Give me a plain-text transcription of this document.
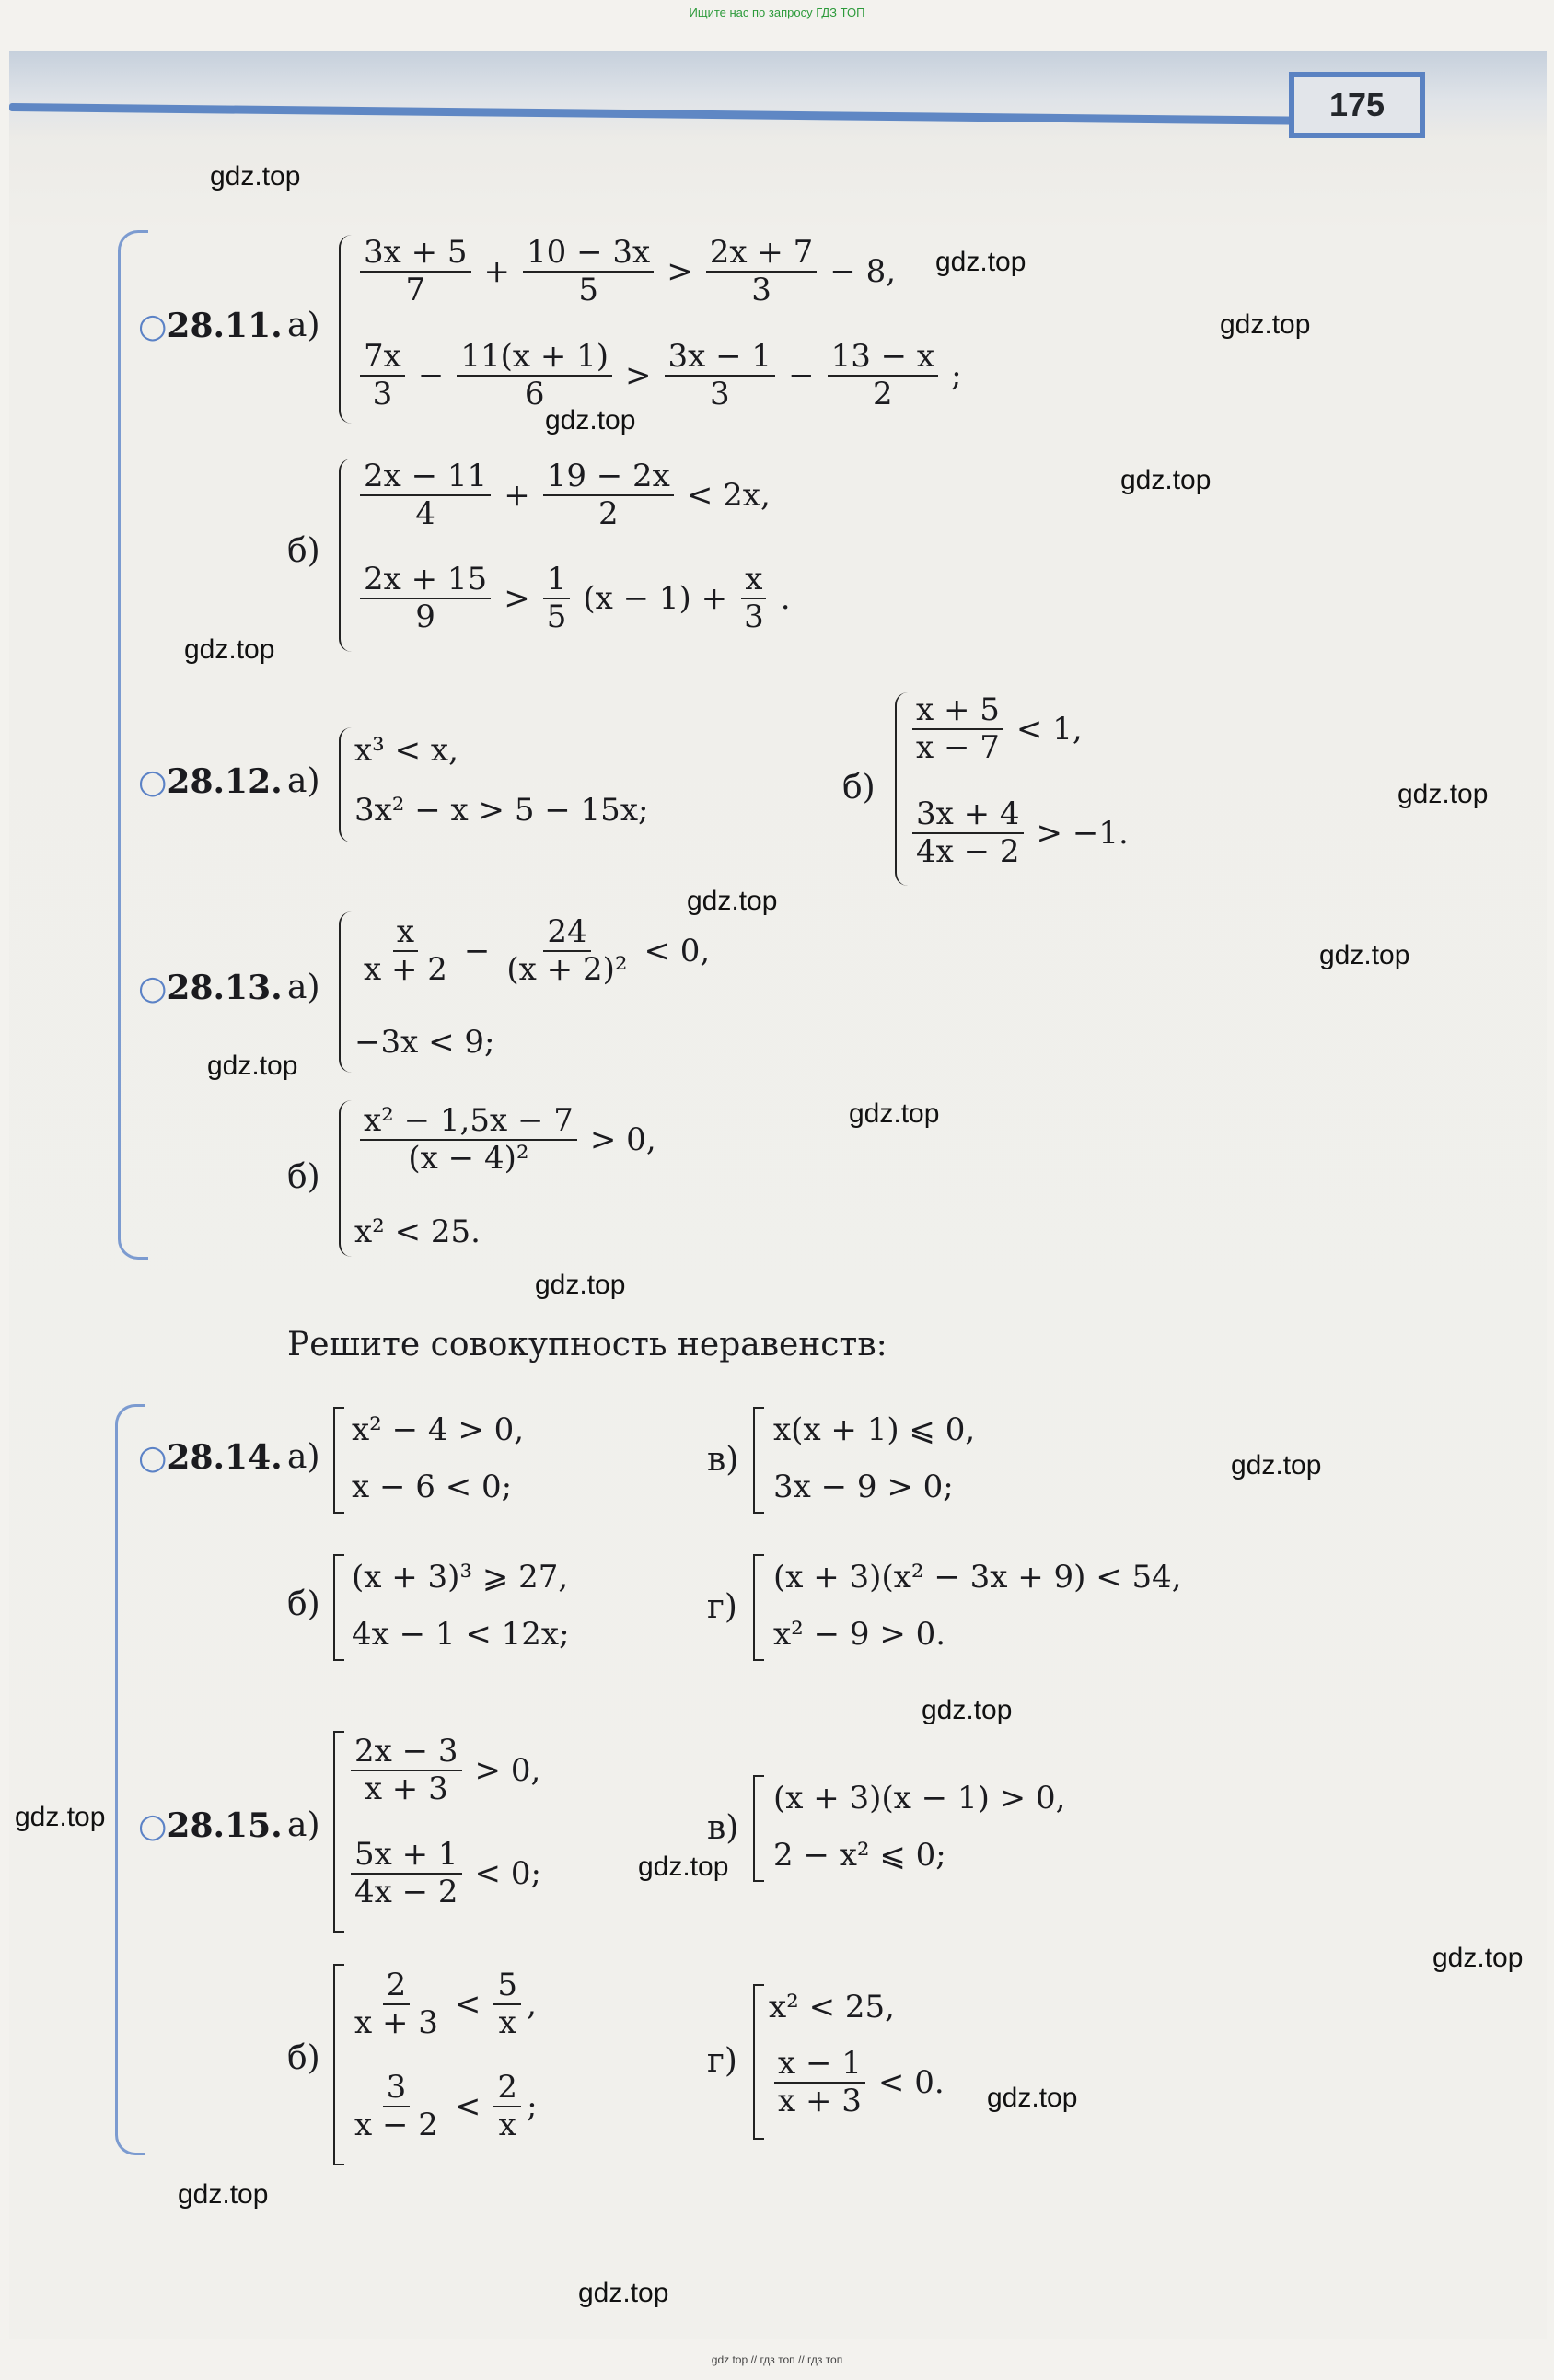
Ищите нас по запросу ГДЗ ТОП
175
gdz.top
gdz.top
gdz.top
gdz.top
gdz.top
gdz.top
gdz.top
gdz.top
gdz.top
gdz.top
gdz.top
gdz.top
gdz.top
gdz.top
gdz.top
gdz.top
gdz.top
gdz.top
gdz.top
gdz.top
○28.11. а)
$\frac{3x + 5}{7} + \frac{10 - 3x}{5} > \frac{2x + 7}{3} - 8$,
$\frac{7x}{3} - \frac{11(x + 1)}{6} > \frac{3x - 1}{3} - \frac{13 - x}{2}$ ;
б)
$\frac{2x - 11}{4} + \frac{19 - 2x}{2} < 2x$,
$\frac{2x + 15}{9} > \frac{1}{5} (x - 1) + \frac{x}{3}$ .
○28.12. а)
x³ < x,
3x² − x > 5 − 15x;
б)
$\frac{x + 5}{x - 7} < 1$,
$\frac{3x + 4}{4x - 2} > -1$.
○28.13. $а) \frac{x}{x + 2} - \frac{24}{\text{(x + 2)²}} < 0$,
−3x < 9;
б)
$\frac{\text{x² − 1,5x − 7}}{\text{(x − 4)²}} > 0$,
x² < 25.
Решите совокупность неравенств:
○28.14. а)
x² − 4 > 0,
x − 6 < 0;
в)
x(x + 1) ⩽ 0,
3x − 9 > 0;
б)
(x + 3)³ ⩾ 27,
4x − 1 < 12x;
г)
(x + 3)(x² − 3x + 9) < 54,
x² − 9 > 0.
○28.15. а)
$\frac{2x - 3}{x + 3} > 0$,
$\frac{5x + 1}{4x - 2} < 0$;
в)
(x + 3)(x − 1) > 0,
2 − x² ⩽ 0;
б)
$\frac{2}{x + 3} < \frac{5}{x}$ ,
$\frac{3}{x - 2} < \frac{2}{x}$ ;
г)
x² < 25,
$\frac{x - 1}{x + 3} < 0$.
gdz top // гдз топ // гдз топ
